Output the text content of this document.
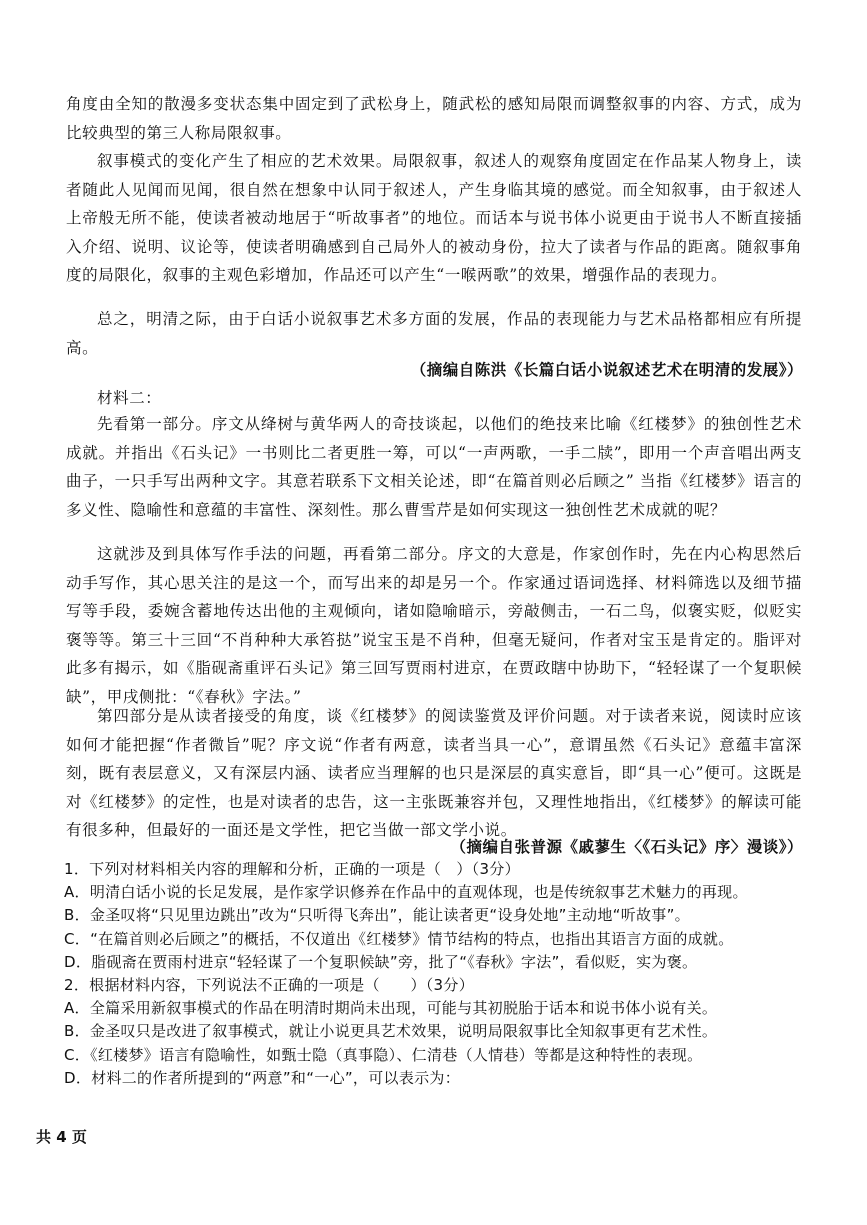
角度由全知的散漫多变状态集中固定到了武松身上，随武松的感知局限而调整叙事的内容、方式，成为比较典型的第三人称局限叙事。

叙事模式的变化产生了相应的艺术效果。局限叙事，叙述人的观察角度固定在作品某人物身上，读者随此人见闻而见闻，很自然在想象中认同于叙述人，产生身临其境的感觉。而全知叙事，由于叙述人上帝般无所不能，使读者被动地居于“听故事者”的地位。而话本与说书体小说更由于说书人不断直接插入介绍、说明、议论等，使读者明确感到自己局外人的被动身份，拉大了读者与作品的距离。随叙事角度的局限化，叙事的主观色彩增加，作品还可以产生“一喉两歌”的效果，增强作品的表现力。

总之，明清之际，由于白话小说叙事艺术多方面的发展，作品的表现能力与艺术品格都相应有所提高。

（摘编自陈洪《长篇白话小说叙述艺术在明清的发展》）
材料二：

先看第一部分。序文从绛树与黄华两人的奇技谈起，以他们的绝技来比喻《红楼梦》的独创性艺术成就。并指出《石头记》一书则比二者更胜一筹，可以“一声两歌，一手二牍”，即用一个声音唱出两支曲子，一只手写出两种文字。其意若联系下文相关论述，即“在篇首则必后顾之” 当指《红楼梦》语言的多义性、隐喻性和意蕴的丰富性、深刻性。那么曹雪芹是如何实现这一独创性艺术成就的呢？

这就涉及到具体写作手法的问题，再看第二部分。序文的大意是，作家创作时，先在内心构思然后动手写作，其心思关注的是这一个，而写出来的却是另一个。作家通过语词选择、材料筛选以及细节描写等手段，委婉含蓄地传达出他的主观倾向，诸如隐喻暗示，旁敲侧击，一石二鸟，似褒实贬，似贬实褒等等。第三十三回“不肖种种大承笞挞”说宝玉是不肖种，但毫无疑问，作者对宝玉是肯定的。脂评对此多有揭示，如《脂砚斋重评石头记》第三回写贾雨村进京，在贾政瞎中协助下，“轻轻谋了一个复职候缺”，甲戌侧批：“《春秋》字法。”

第四部分是从读者接受的角度，谈《红楼梦》的阅读鉴赏及评价问题。对于读者来说，阅读时应该如何才能把握“作者微旨”呢？序文说“作者有两意，读者当具一心”，意谓虽然《石头记》意蕴丰富深刻，既有表层意义，又有深层内涵、读者应当理解的也只是深层的真实意旨，即“具一心”便可。这既是对《红楼梦》的定性，也是对读者的忠告，这一主张既兼容并包，又理性地指出，《红楼梦》的解读可能有很多种，但最好的一面还是文学性，把它当做一部文学小说。

（摘编自张普源《戚蓼生〈《石头记》序〉漫谈》）
1．下列对材料相关内容的理解和分析，正确的一项是（　）（3分）
A．明清白话小说的长足发展，是作家学识修养在作品中的直观体现，也是传统叙事艺术魅力的再现。
B．金圣叹将“只见里边跳出”改为“只听得飞奔出”，能让读者更“设身处地”主动地“听故事”。
C．“在篇首则必后顾之”的概括，不仅道出《红楼梦》情节结构的特点，也指出其语言方面的成就。
D．脂砚斋在贾雨村进京“轻轻谋了一个复职候缺”旁，批了“《春秋》字法”，看似贬，实为褒。
2．根据材料内容，下列说法不正确的一项是（　　）（3分）
A．全篇采用新叙事模式的作品在明清时期尚未出现，可能与其初脱胎于话本和说书体小说有关。
B．金圣叹只是改进了叙事模式，就让小说更具艺术效果，说明局限叙事比全知叙事更有艺术性。
C．《红楼梦》语言有隐喻性，如甄士隐（真事隐）、仁清巷（人情巷）等都是这种特性的表现。
D．材料二的作者所提到的“两意”和“一心”，可以表示为：
共 4 页
